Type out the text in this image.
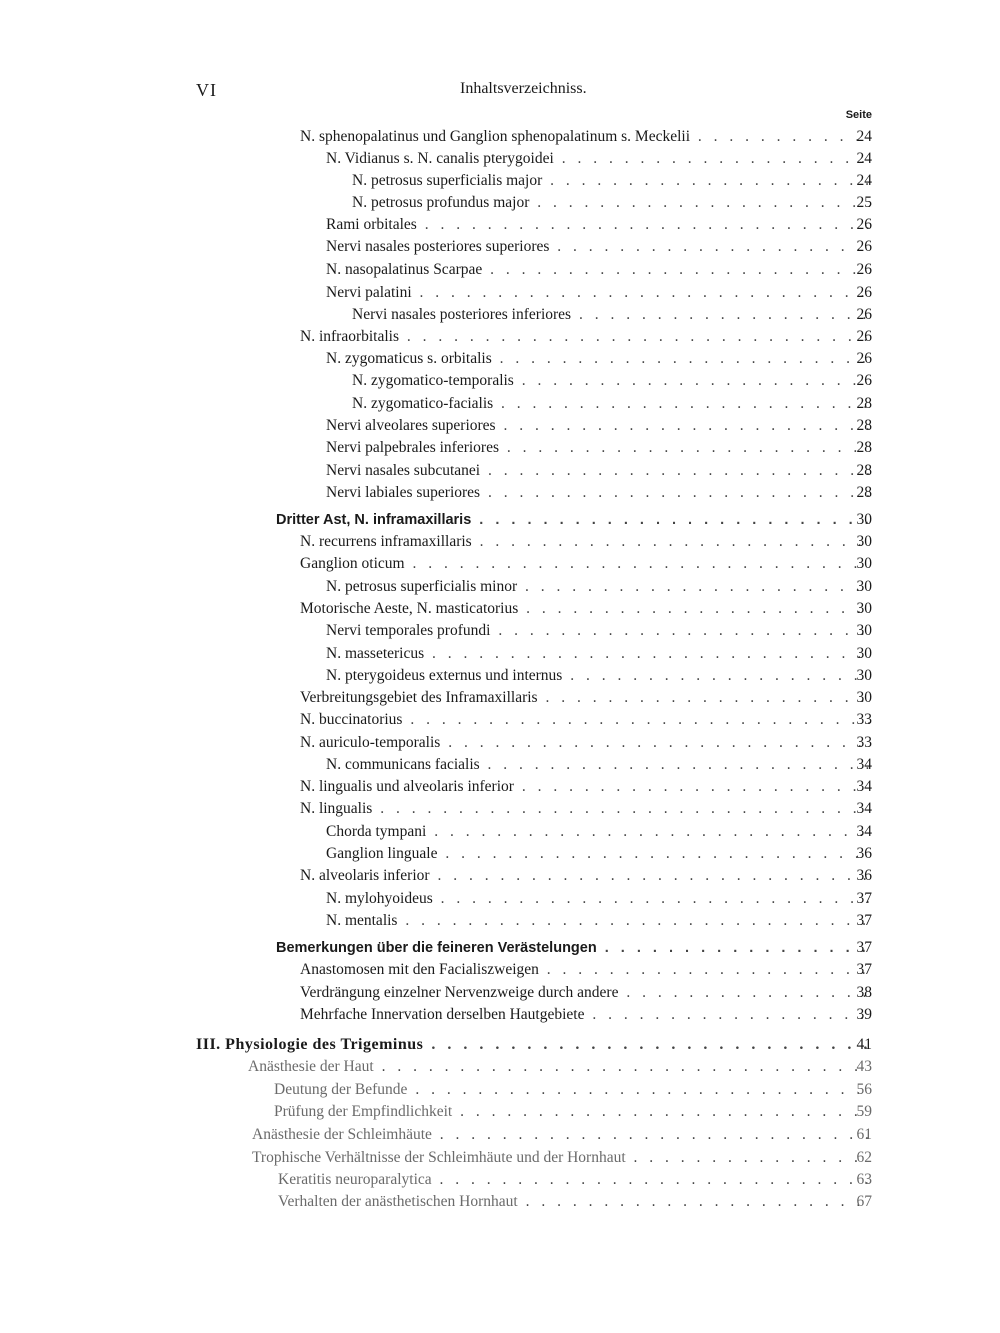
VI	Inhaltsverzeichniss.
Seite
N. sphenopalatinus und Ganglion sphenopalatinum s. Meckelii . . .	24
N. Vidianus s. N. canalis pterygoidei . . .	24
N. petrosus superficialis major . . .	24
N. petrosus profundus major . . .	25
Rami orbitales . . .	26
Nervi nasales posteriores superiores . . .	26
N. nasopalatinus Scarpae . . .	26
Nervi palatini . . .	26
Nervi nasales posteriores inferiores . . .	26
N. infraorbitalis . . .	26
N. zygomaticus s. orbitalis . . .	26
N. zygomatico-temporalis . . .	26
N. zygomatico-facialis . . .	28
Nervi alveolares superiores . . .	28
Nervi palpebrales inferiores . . .	28
Nervi nasales subcutanei . . .	28
Nervi labiales superiores . . .	28
Dritter Ast, N. inframaxillaris . . .	30
N. recurrens inframaxillaris . . .	30
Ganglion oticum . . .	30
N. petrosus superficialis minor . . .	30
Motorische Aeste, N. masticatorius . . .	30
Nervi temporales profundi . . .	30
N. massetericus . . .	30
N. pterygoideus externus und internus . . .	30
Verbreitungsgebiet des Inframaxillaris . . .	30
N. buccinatorius . . .	33
N. auriculo-temporalis . . .	33
N. communicans facialis . . .	34
N. lingualis und alveolaris inferior . . .	34
N. lingualis . . .	34
Chorda tympani . . .	34
Ganglion linguale . . .	36
N. alveolaris inferior . . .	36
N. mylohyoideus . . .	37
N. mentalis . . .	37
Bemerkungen über die feineren Verästelungen . . .	37
Anastomosen mit den Facialiszweigen . . .	37
Verdrängung einzelner Nervenzweige durch andere . . .	38
Mehrfache Innervation derselben Hautgebiete . . .	39
III. Physiologie des Trigeminus . . .	41
Anästhesie der Haut . . .	43
Deutung der Befunde . . .	56
Prüfung der Empfindlichkeit . . .	59
Anästhesie der Schleimhäute . . .	61
Trophische Verhältnisse der Schleimhäute und der Hornhaut . . .	62
Keratitis neuroparalytica . . .	63
Verhalten der anästhetischen Hornhaut . . .	67
